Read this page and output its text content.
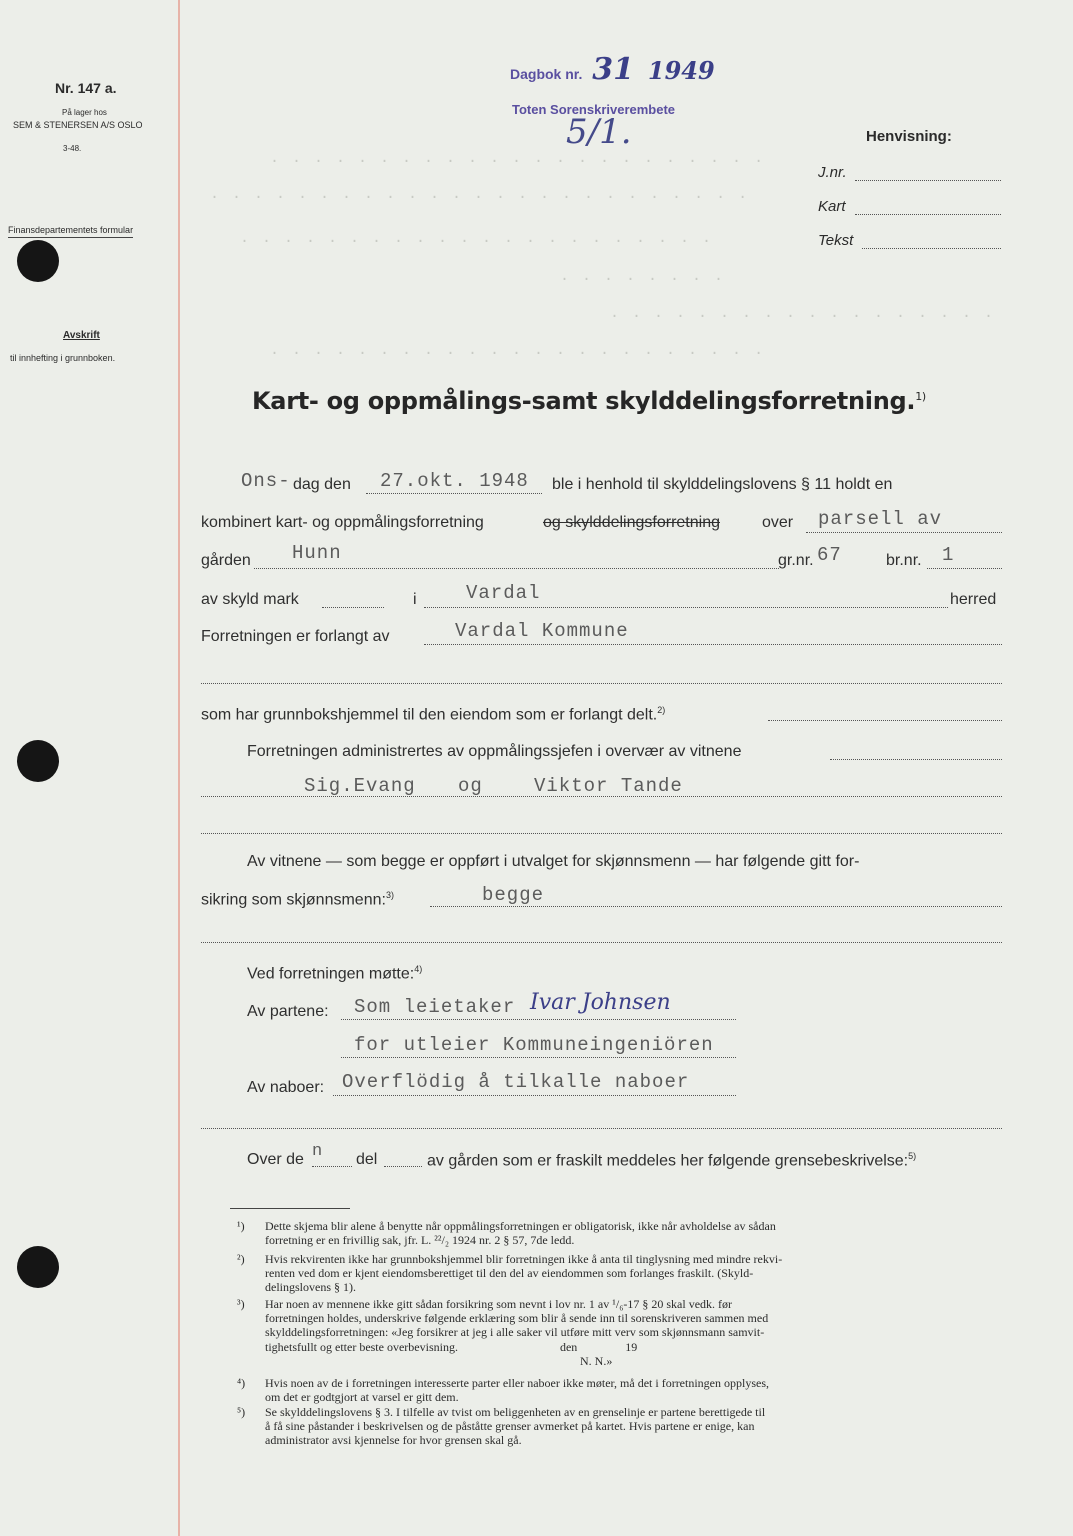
Nr. 147 a.
På lager hos
SEM & STENERSEN A/S OSLO
3-48.
Finansdepartementets formular
Avskrift
til innhefting i grunnboken.
Dagbok nr. 31 1949
Toten Sorenskriverembete
5/1.
. . . . . . . . . . . . . . . . . . . . . . .
. . . . . . . . . . . . . . . . . . . . . . . . .
. . . . . . . . . . . . . . . . . . . . . .
. . . . . . . .
. . . . . . . . . . . . . . . . . .
. . . . . . . . . . . . . . . . . . . . . . .
Henvisning:
J.nr.
Kart
Tekst
Kart- og oppmålings-samt skylddelingsforretning.$^{1)}$
Ons- dag den 27.okt. 1948 ble i henhold til skylddelingslovens § 11 holdt en
kombinert kart- og oppmålingsforretning	og skylddelingsforretning	over parsell av
gården Hunn	gr.nr. 67	br.nr. 1
av skyld mark	i	Vardal	herred
Forretningen er forlangt av	Vardal Kommune
som har grunnbokshjemmel til den eiendom som er forlangt delt.$^{2)}$
Forretningen administrertes av oppmålingssjefen i overvær av vitnene
Sig.Evang og	Viktor Tande
Av vitnene — som begge er oppført i utvalget for skjønnsmenn — har følgende gitt for-
sikring som skjønnsmenn:$^{3)}$	begge
Ved forretningen møtte:$^{4)}$
Av partene: Som leietaker Ivar Johnsen
for utleier Kommuneingeniören
Av naboer: Overflödig å tilkalle naboer
Over de n del	av gården som er fraskilt meddeles her følgende grensebeskrivelse:$^{5)}$
¹) Dette skjema blir alene å benytte når oppmålingsforretningen er obligatorisk, ikke når avholdelse av sådan
forretning er en frivillig sak, jfr. L. ²²/₂ 1924 nr. 2 § 57, 7de ledd.
²) Hvis rekvirenten ikke har grunnbokshjemmel blir forretningen ikke å anta til tinglysning med mindre rekvi-
renten ved dom er kjent eiendomsberettiget til den del av eiendommen som forlanges fraskilt. (Skyld-
delingslovens § 1).
³) Har noen av mennene ikke gitt sådan forsikring som nevnt i lov nr. 1 av ¹/₆-17 § 20 skal vedk. før
forretningen holdes, underskrive følgende erklæring som blir å sende inn til sorenskriveren sammen med
skylddelingsforretningen: «Jeg forsikrer at jeg i alle saker vil utføre mitt verv som skjønnsmann samvit-
tighetsfullt og etter beste overbevisning.                                  den                19
N. N.»
⁴) Hvis noen av de i forretningen interesserte parter eller naboer ikke møter, må det i forretningen opplyses,
om det er godtgjort at varsel er gitt dem.
⁵) Se skylddelingslovens § 3. I tilfelle av tvist om beliggenheten av en grenselinje er partene berettigede til
å få sine påstander i beskrivelsen og de påståtte grenser avmerket på kartet. Hvis partene er enige, kan
administrator avsi kjennelse for hvor grensen skal gå.
